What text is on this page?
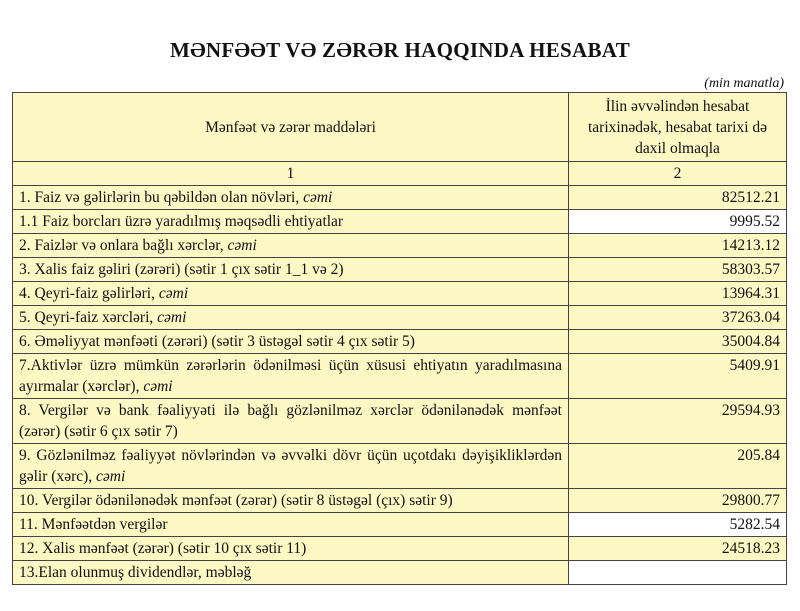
MƏNFƏƏT VƏ ZƏRƏR HAQQINDA HESABAT
(min manatla)
Mənfəət və zərər maddələri	İlin əvvəlindən hesabat tarixinədək, hesabat tarixi də daxil olmaqla
1	2
1. Faiz və gəlirlərin bu qəbildən olan növləri, cəmi	82512.21
1.1 Faiz borcları üzrə yaradılmış məqsədli ehtiyatlar	9995.52
2. Faizlər və onlara bağlı xərclər, cəmi	14213.12
3. Xalis faiz gəliri (zərəri) (sətir 1 çıx sətir 1_1 və 2)	58303.57
4. Qeyri-faiz gəlirləri, cəmi	13964.31
5. Qeyri-faiz xərcləri, cəmi	37263.04
6. Əməliyyat mənfəəti (zərəri) (sətir 3 üstəgəl sətir 4 çıx sətir 5)	35004.84
7.Aktivlər üzrə mümkün zərərlərin ödənilməsi üçün xüsusi ehtiyatın yaradılmasına ayırmalar (xərclər), cəmi	5409.91
8. Vergilər və bank fəaliyyəti ilə bağlı gözlənilməz xərclər ödənilənədək mənfəət (zərər) (sətir 6 çıx sətir 7)	29594.93
9. Gözlənilməz fəaliyyət növlərindən və əvvəlki dövr üçün uçotdakı dəyişikliklərdən gəlir (xərc), cəmi	205.84
10. Vergilər ödənilənədək mənfəət (zərər) (sətir 8 üstəgəl (çıx) sətir 9)	29800.77
11. Mənfəətdən vergilər	5282.54
12. Xalis mənfəət (zərər) (sətir 10 çıx sətir 11)	24518.23
13.Elan olunmuş dividendlər, məbləğ	
